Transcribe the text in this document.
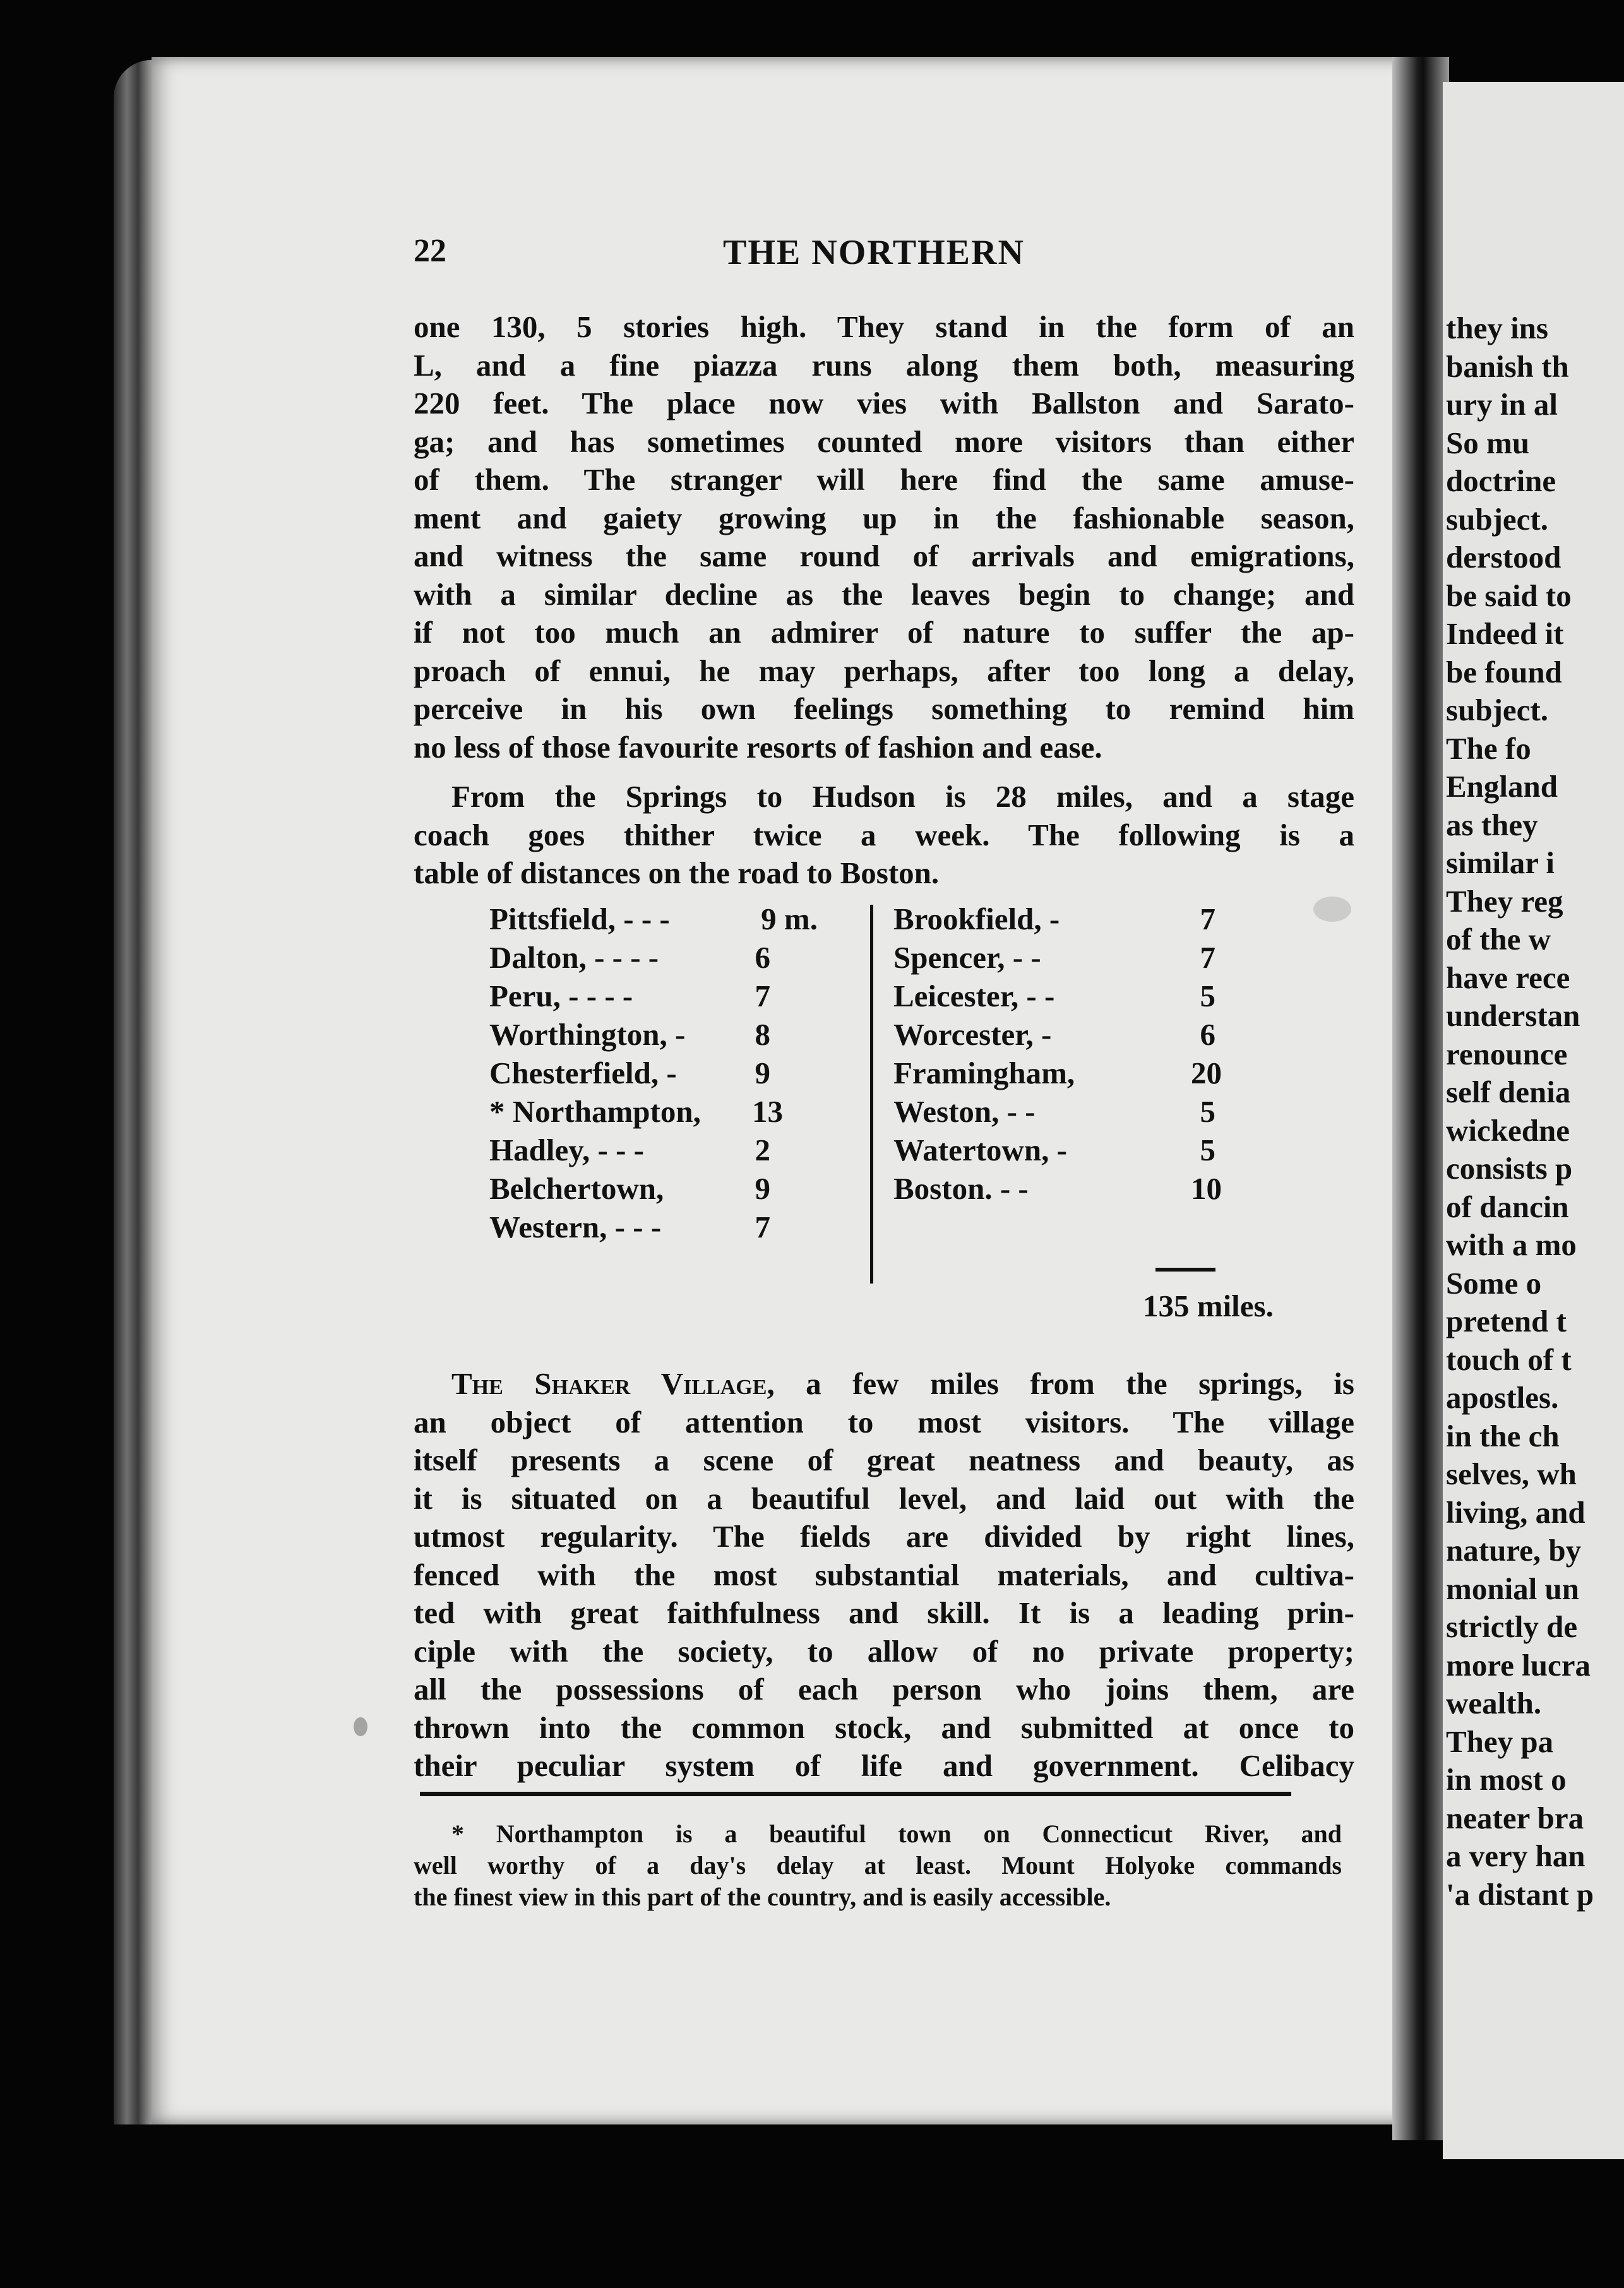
22	THE NORTHERN
one 130, 5 stories high. They stand in the form of an
L, and a fine piazza runs along them both, measuring
220 feet. The place now vies with Ballston and Sarato-
ga; and has sometimes counted more visitors than either
of them. The stranger will here find the same amuse-
ment and gaiety growing up in the fashionable season,
and witness the same round of arrivals and emigrations,
with a similar decline as the leaves begin to change; and
if not too much an admirer of nature to suffer the ap-
proach of ennui, he may perhaps, after too long a delay,
perceive in his own feelings something to remind him
no less of those favourite resorts of fashion and ease.
From the Springs to Hudson is 28 miles, and a stage
coach goes thither twice a week. The following is a
table of distances on the road to Boston.
Pittsfield, - - -	9 m.
Dalton, - - - -	6
Peru, - - - -	7
Worthington, - 8
Chesterfield, -	9
* Northampton, 13
Hadley, - - -	2
Belchertown,	9
Western, - - -	7
Brookfield, -	7
Spencer, - -	7
Leicester, - -	5
Worcester, -	6
Framingham,	20
Weston, - -	5
Watertown, -	5
Boston. - -	10
135 miles.
The Shaker Village, a few miles from the springs, is
an object of attention to most visitors. The village
itself presents a scene of great neatness and beauty, as
it is situated on a beautiful level, and laid out with the
utmost regularity. The fields are divided by right lines,
fenced with the most substantial materials, and cultiva-
ted with great faithfulness and skill. It is a leading prin-
ciple with the society, to allow of no private property;
all the possessions of each person who joins them, are
thrown into the common stock, and submitted at once to
their peculiar system of life and government. Celibacy
* Northampton is a beautiful town on Connecticut River, and
well worthy of a day's delay at least. Mount Holyoke commands
the finest view in this part of the country, and is easily accessible.
they ins
banish th
ury in al
So mu
doctrine
subject.
derstood
be said to
Indeed it
be found
subject.
The fo
England
as they
similar i
They reg
of the w
have rece
understan
renounce
self denia
wickedne
consists p
of dancin
with a mo
Some o
pretend t
touch of t
apostles.
in the ch
selves, wh
living, and
nature, by
monial un
strictly de
more lucra
wealth.
They pa
in most o
neater bra
a very han
'a distant p
